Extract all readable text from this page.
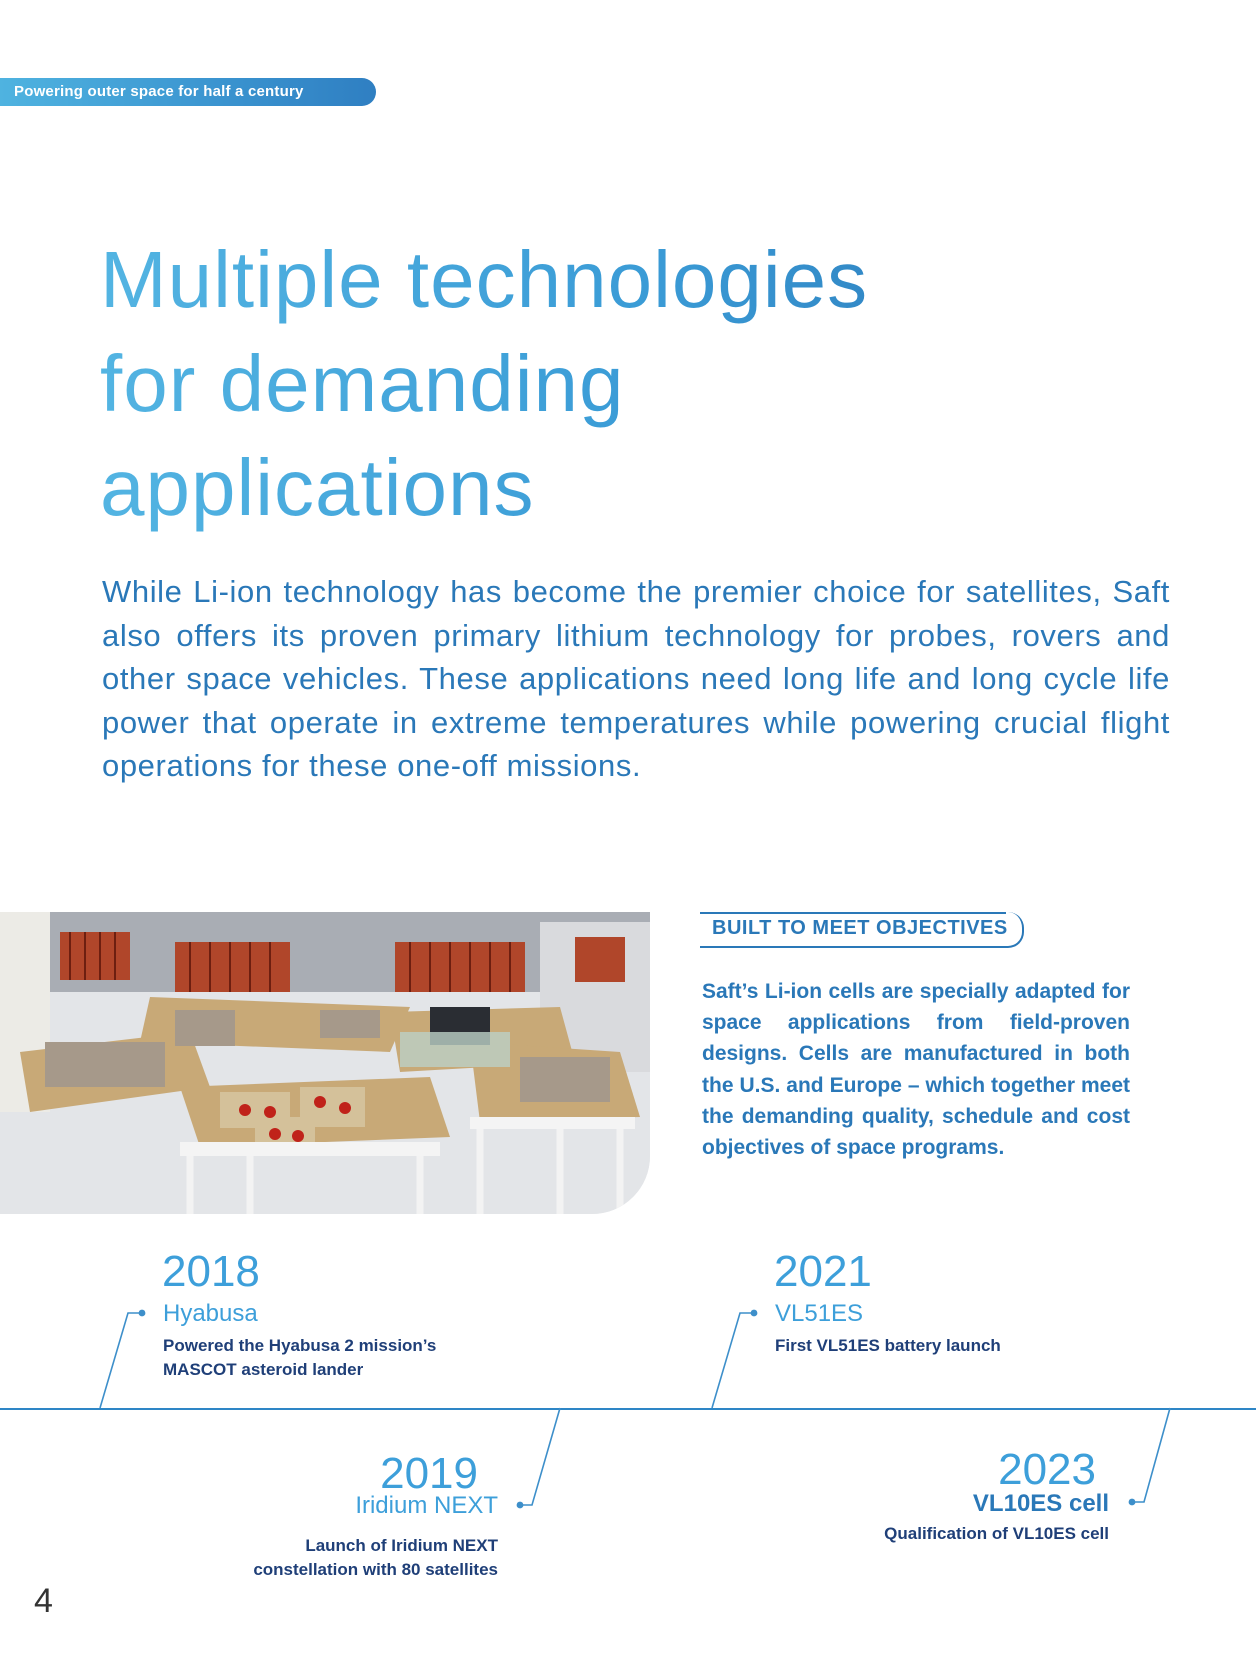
Powering outer space for half a century
Multiple technologies
for demanding
applications

While Li-ion technology has become the premier choice for satellites, Saft also offers its proven primary lithium technology for probes, rovers and other space vehicles. These applications need long life and long cycle life power that operate in extreme temperatures while powering crucial flight operations for these one-off missions.

BUILT TO MEET OBJECTIVES

Saft’s Li-ion cells are specially adapted for space applications from field-proven designs. Cells are manufactured in both the U.S. and Europe – which together meet the demanding quality, schedule and cost objectives of space programs.

2018
Hyabusa
Powered the Hyabusa 2 mission’s
MASCOT asteroid lander
2021
VL51ES
First VL51ES battery launch
2019
Iridium NEXT
Launch of Iridium NEXT
constellation with 80 satellites
2023
VL10ES cell
Qualification of VL10ES cell
4
